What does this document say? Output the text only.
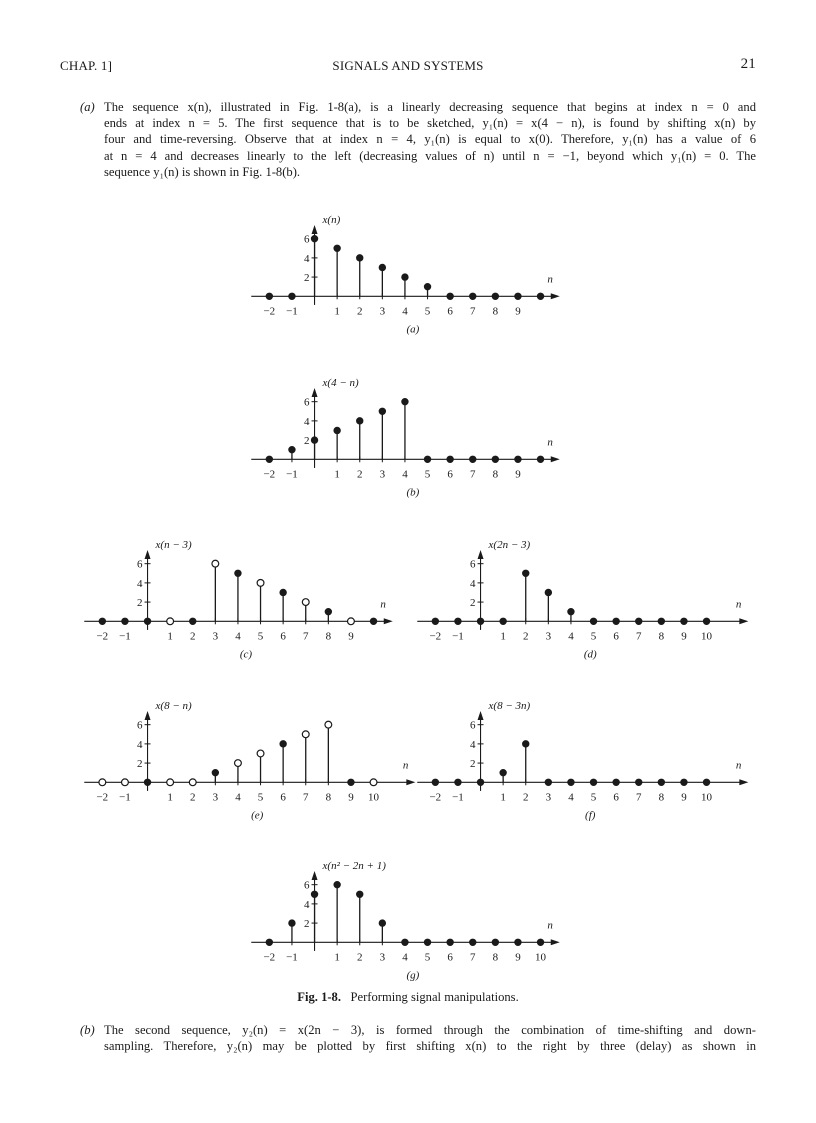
CHAP. 1]	SIGNALS AND SYSTEMS	21
(a) The sequence x(n), illustrated in Fig. 1-8(a), is a linearly decreasing sequence that begins at index n = 0 and
ends at index n = 5. The first sequence that is to be sketched, y₁(n) = x(4 − n), is found by shifting x(n) by
four and time-reversing. Observe that at index n = 4, y₁(n) is equal to x(0). Therefore, y₁(n) has a value of 6
at n = 4 and decreases linearly to the left (decreasing values of n) until n = −1, beyond which y₁(n) = 0. The
sequence y₁(n) is shown in Fig. 1-8(b).
2
4
6
−2 −1	1 2 3 4 5 6 7 8 9
x(n)
n
(a)
2
4
6
−2 −1	1 2 3 4 5 6 7 8 9
x(4 − n)
n
(b)
2
4
6
−2 −1	1 2 3 4 5 6 7 8 9
x(n − 3)
n
(c)
2
4
6
−2 −1	1 2 3 4 5 6 7 8 9 10
x(2n − 3)
n
(d)
2
4
6
−2 −1	1 2 3 4 5 6 7 8 9 10
x(8 − n)
n
(e)
2
4
6
−2 −1	1 2 3 4 5 6 7 8 9 10
x(8 − 3n)
n
(f)
2
4
6
−2 −1	1 2 3 4 5 6 7 8 9 10
x(n² − 2n + 1)
n
(g)
Fig. 1-8. Performing signal manipulations.
(b) The second sequence, y₂(n) = x(2n − 3), is formed through the combination of time-shifting and down-
sampling. Therefore, y₂(n) may be plotted by first shifting x(n) to the right by three (delay) as shown in
